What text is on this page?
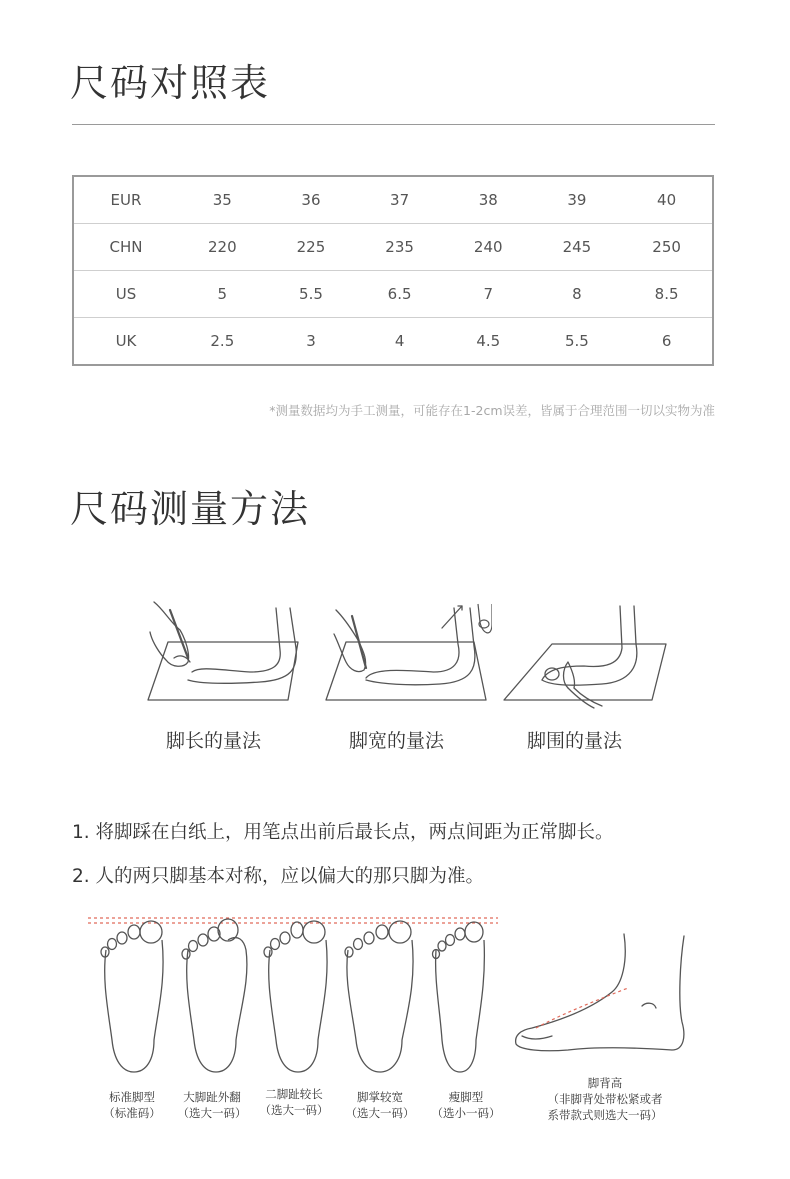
尺码对照表
EUR	35	36	37	38	39	40
CHN	220	225	235	240	245	250
US	5	5.5	6.5	7	8	8.5
UK	2.5	3	4	4.5	5.5	6
*测量数据均为手工测量，可能存在1-2cm误差，皆属于合理范围一切以实物为准
尺码测量方法
脚长的量法	脚宽的量法	脚围的量法
1. 将脚踩在白纸上，用笔点出前后最长点，两点间距为正常脚长。
2. 人的两只脚基本对称，应以偏大的那只脚为准。
标准脚型
（标准码）
大脚趾外翻
（选大一码）
二脚趾较长
（选大一码）
脚掌较宽
（选大一码）
瘦脚型
（选小一码）
脚背高
（非脚背处带松紧或者
系带款式则选大一码）
